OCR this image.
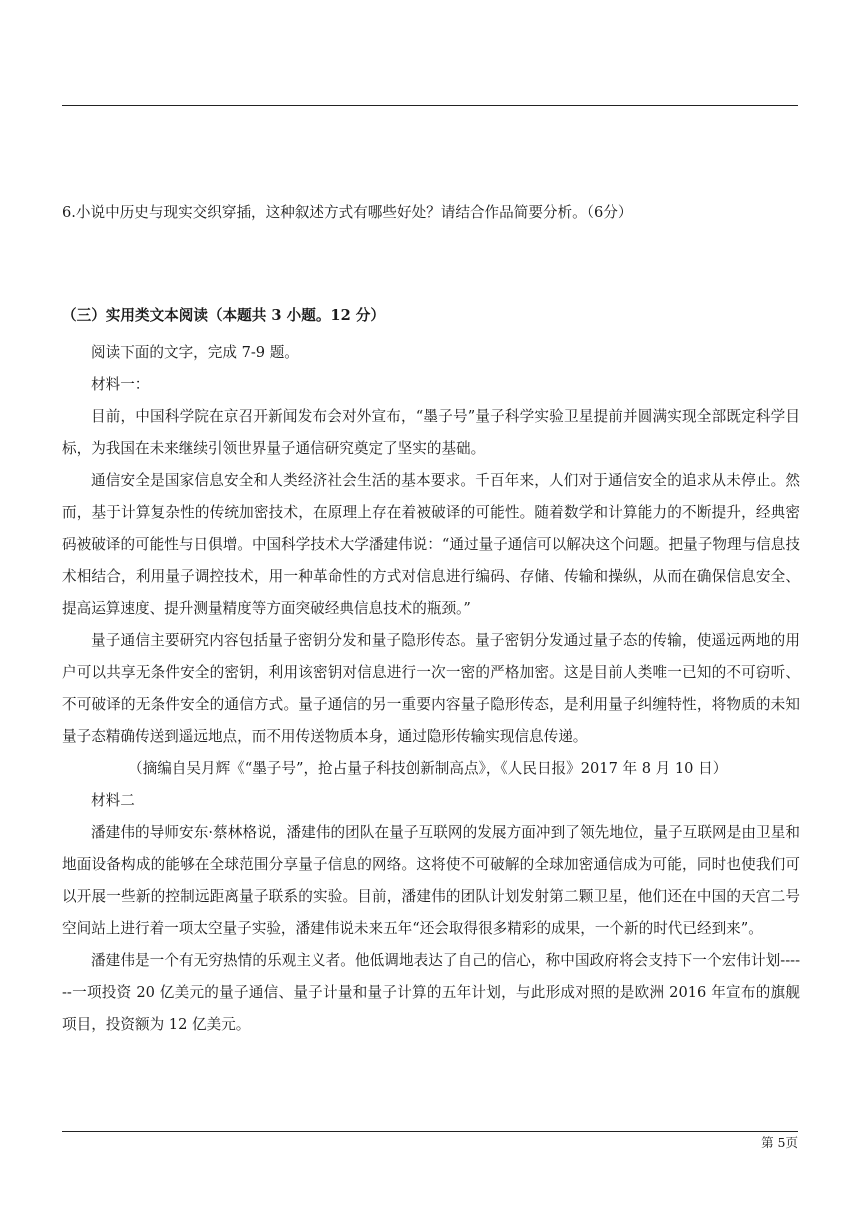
6.小说中历史与现实交织穿插，这种叙述方式有哪些好处？请结合作品简要分析。（6分）
（三）实用类文本阅读（本题共 3 小题。12 分）

阅读下面的文字，完成 7-9 题。

材料一：

目前，中国科学院在京召开新闻发布会对外宣布，“墨子号”量子科学实验卫星提前并圆满实现全部既定科学目标，为我国在未来继续引领世界量子通信研究奠定了坚实的基础。

通信安全是国家信息安全和人类经济社会生活的基本要求。千百年来，人们对于通信安全的追求从未停止。然而，基于计算复杂性的传统加密技术，在原理上存在着被破译的可能性。随着数学和计算能力的不断提升，经典密码被破译的可能性与日俱增。中国科学技术大学潘建伟说：“通过量子通信可以解决这个问题。把量子物理与信息技术相结合，利用量子调控技术，用一种革命性的方式对信息进行编码、存储、传输和操纵，从而在确保信息安全、提高运算速度、提升测量精度等方面突破经典信息技术的瓶颈。”

量子通信主要研究内容包括量子密钥分发和量子隐形传态。量子密钥分发通过量子态的传输，使遥远两地的用户可以共享无条件安全的密钥，利用该密钥对信息进行一次一密的严格加密。这是目前人类唯一已知的不可窃听、不可破译的无条件安全的通信方式。量子通信的另一重要内容量子隐形传态，是利用量子纠缠特性，将物质的未知量子态精确传送到遥远地点，而不用传送物质本身，通过隐形传输实现信息传递。

（摘编自吴月辉《“墨子号”，抢占量子科技创新制高点》，《人民日报》2017 年 8 月 10 日）

材料二

潘建伟的导师安东·蔡林格说，潘建伟的团队在量子互联网的发展方面冲到了领先地位，量子互联网是由卫星和地面设备构成的能够在全球范围分享量子信息的网络。这将使不可破解的全球加密通信成为可能，同时也使我们可以开展一些新的控制远距离量子联系的实验。目前，潘建伟的团队计划发射第二颗卫星，他们还在中国的天宫二号空间站上进行着一项太空量子实验，潘建伟说未来五年“还会取得很多精彩的成果，一个新的时代已经到来”。

潘建伟是一个有无穷热情的乐观主义者。他低调地表达了自己的信心，称中国政府将会支持下一个宏伟计划------一项投资 20 亿美元的量子通信、量子计量和量子计算的五年计划，与此形成对照的是欧洲 2016 年宣布的旗舰项目，投资额为 12 亿美元。

第 5页
